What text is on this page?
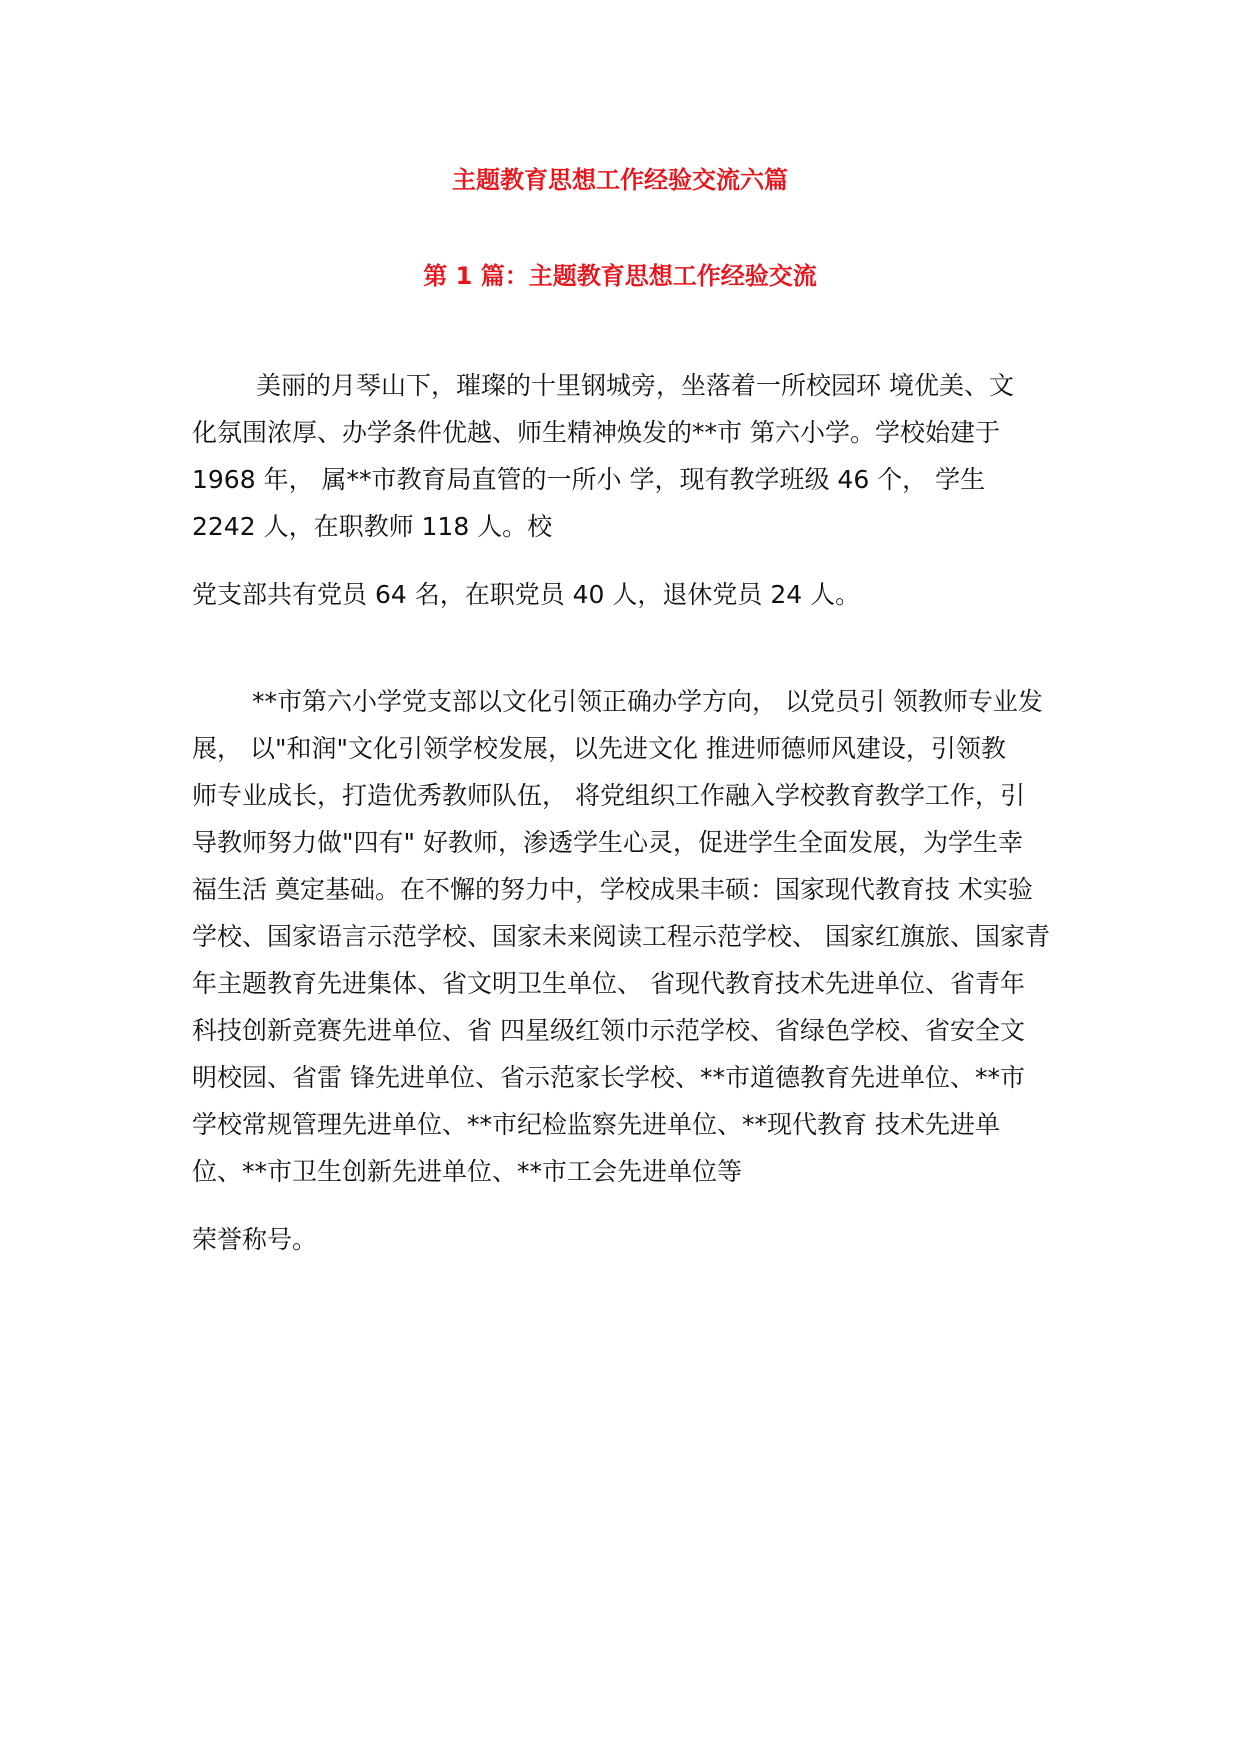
主题教育思想工作经验交流六篇
第 1 篇：主题教育思想工作经验交流

美丽的月琴山下，璀璨的十里钢城旁，坐落着一所校园环 境优美、文
化氛围浓厚、办学条件优越、师生精神焕发的**市 第六小学。学校始建于
1968 年， 属**市教育局直管的一所小 学，现有教学班级 46 个， 学生
2242 人，在职教师 118 人。校

党支部共有党员 64 名，在职党员 40 人，退休党员 24 人。

**市第六小学党支部以文化引领正确办学方向， 以党员引 领教师专业发
展， 以"和润"文化引领学校发展，以先进文化 推进师德师风建设，引领教
师专业成长，打造优秀教师队伍， 将党组织工作融入学校教育教学工作，引
导教师努力做"四有" 好教师，渗透学生心灵，促进学生全面发展，为学生幸
福生活 奠定基础。在不懈的努力中，学校成果丰硕：国家现代教育技 术实验
学校、国家语言示范学校、国家未来阅读工程示范学校、 国家红旗旅、国家青
年主题教育先进集体、省文明卫生单位、 省现代教育技术先进单位、省青年
科技创新竞赛先进单位、省 四星级红领巾示范学校、省绿色学校、省安全文
明校园、省雷 锋先进单位、省示范家长学校、**市道德教育先进单位、**市
学校常规管理先进单位、**市纪检监察先进单位、**现代教育 技术先进单
位、**市卫生创新先进单位、**市工会先进单位等

荣誉称号。
